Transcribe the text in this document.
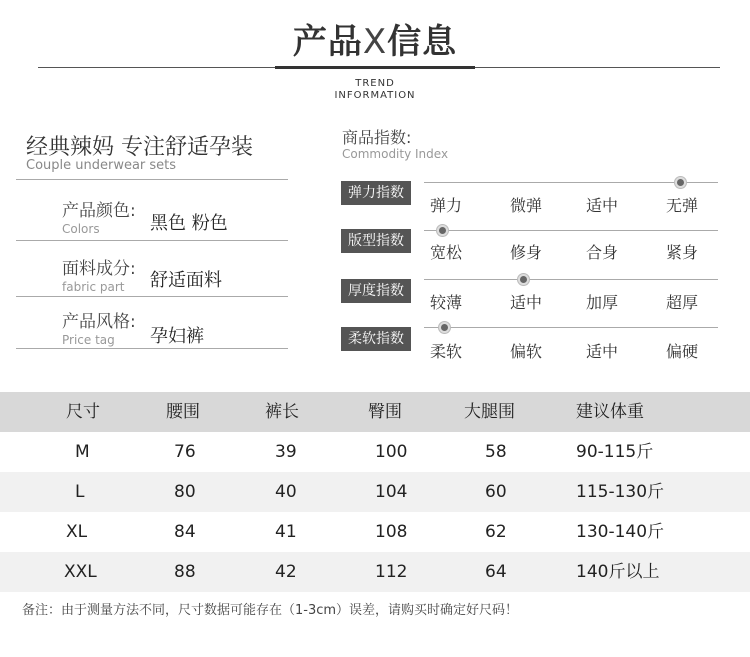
产品X信息
TREND
INFORMATION
经典辣妈 专注舒适孕装
Couple underwear sets
产品颜色:
Colors	黑色 粉色
面料成分:
fabric part	舒适面料
产品风格:
Price tag	孕妇裤
商品指数:
Commodity Index
弹力指数
弹力	微弹	适中	无弹
版型指数
宽松	修身	合身	紧身
厚度指数
较薄	适中	加厚	超厚
柔软指数
柔软	偏软	适中	偏硬
尺寸	腰围	裤长	臀围	大腿围	建议体重
M	76	39	100	58	90-115斤
L	80	40	104	60	115-130斤
XL	84	41	108	62	130-140斤
XXL	88	42	112	64	140斤以上
备注：由于测量方法不同，尺寸数据可能存在（1-3cm）误差，请购买时确定好尺码！
